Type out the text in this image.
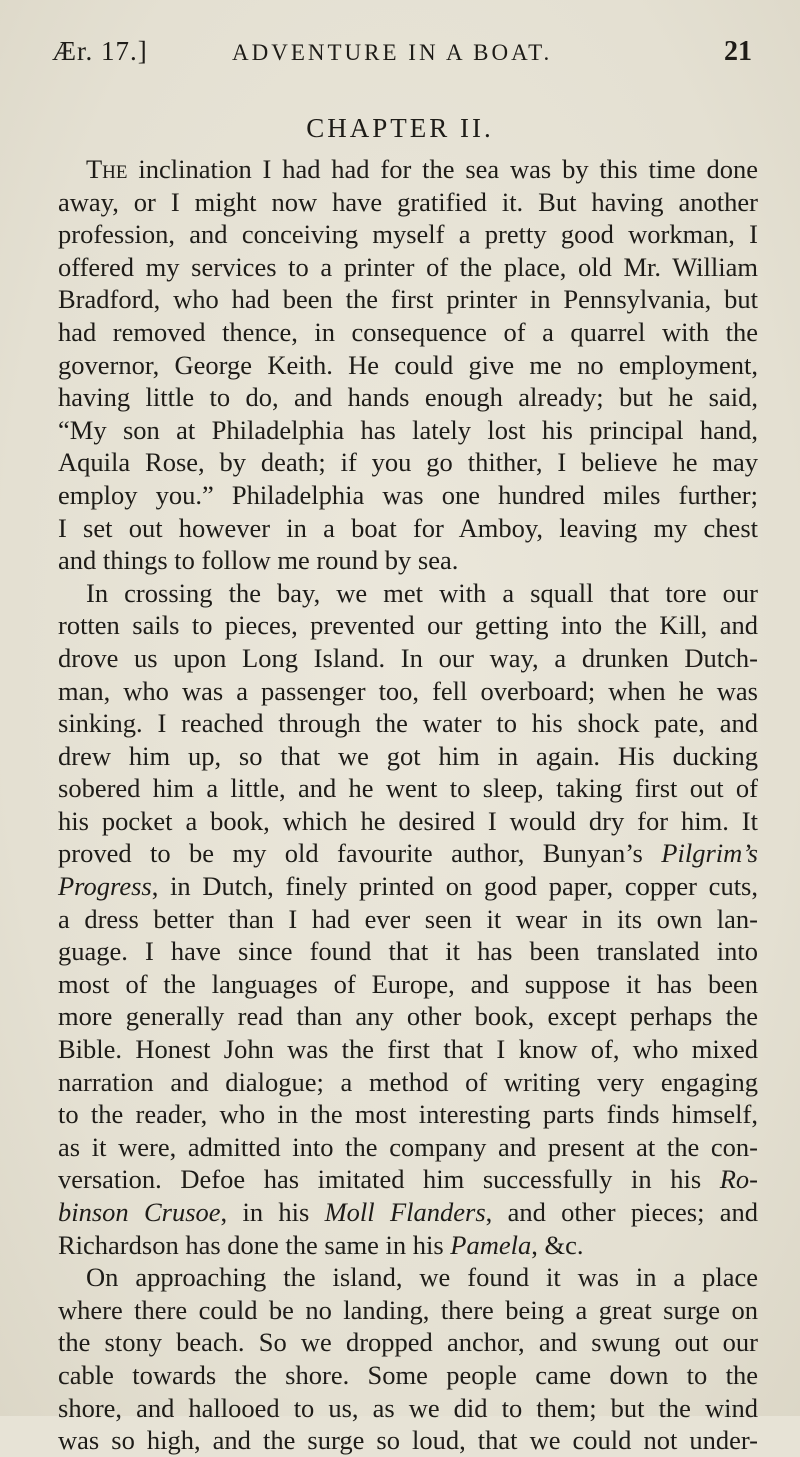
Ær. 17.]	ADVENTURE IN A BOAT.	21
CHAPTER II.
The inclination I had had for the sea was by this time done
away, or I might now have gratified it. But having another
profession, and conceiving myself a pretty good workman, I
offered my services to a printer of the place, old Mr. William
Bradford, who had been the first printer in Pennsylvania, but
had removed thence, in consequence of a quarrel with the
governor, George Keith. He could give me no employment,
having little to do, and hands enough already; but he said,
“My son at Philadelphia has lately lost his principal hand,
Aquila Rose, by death; if you go thither, I believe he may
employ you.” Philadelphia was one hundred miles further;
I set out however in a boat for Amboy, leaving my chest
and things to follow me round by sea.
In crossing the bay, we met with a squall that tore our
rotten sails to pieces, prevented our getting into the Kill, and
drove us upon Long Island. In our way, a drunken Dutch-
man, who was a passenger too, fell overboard; when he was
sinking. I reached through the water to his shock pate, and
drew him up, so that we got him in again. His ducking
sobered him a little, and he went to sleep, taking first out of
his pocket a book, which he desired I would dry for him. It
proved to be my old favourite author, Bunyan’s Pilgrim’s
Progress, in Dutch, finely printed on good paper, copper cuts,
a dress better than I had ever seen it wear in its own lan-
guage. I have since found that it has been translated into
most of the languages of Europe, and suppose it has been
more generally read than any other book, except perhaps the
Bible. Honest John was the first that I know of, who mixed
narration and dialogue; a method of writing very engaging
to the reader, who in the most interesting parts finds himself,
as it were, admitted into the company and present at the con-
versation. Defoe has imitated him successfully in his Ro-
binson Crusoe, in his Moll Flanders, and other pieces; and
Richardson has done the same in his Pamela, &c.
On approaching the island, we found it was in a place
where there could be no landing, there being a great surge on
the stony beach. So we dropped anchor, and swung out our
cable towards the shore. Some people came down to the
shore, and hallooed to us, as we did to them; but the wind
was so high, and the surge so loud, that we could not under-
